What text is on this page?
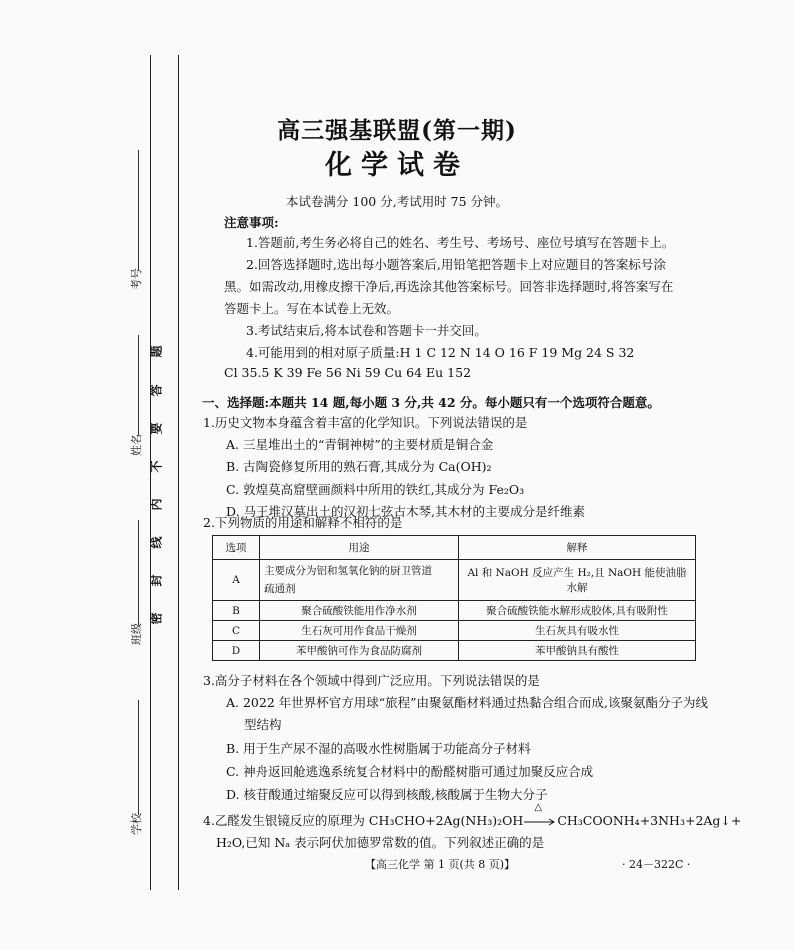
考号
姓名
班级
学校
题
答
要
不
内
线
封
密
高三强基联盟(第一期)
化学试卷
本试卷满分 100 分,考试用时 75 分钟。
注意事项:
1.答题前,考生务必将自己的姓名、考生号、考场号、座位号填写在答题卡上。
2.回答选择题时,选出每小题答案后,用铅笔把答题卡上对应题目的答案标号涂
黑。如需改动,用橡皮擦干净后,再选涂其他答案标号。回答非选择题时,将答案写在
答题卡上。写在本试卷上无效。
3.考试结束后,将本试卷和答题卡一并交回。
4.可能用到的相对原子质量:H 1 C 12 N 14 O 16 F 19 Mg 24 S 32
Cl 35.5 K 39 Fe 56 Ni 59 Cu 64 Eu 152
一、选择题:本题共 14 题,每小题 3 分,共 42 分。每小题只有一个选项符合题意。
1.历史文物本身蕴含着丰富的化学知识。下列说法错误的是
A. 三星堆出土的“青铜神树”的主要材质是铜合金
B. 古陶瓷修复所用的熟石膏,其成分为 Ca(OH)₂
C. 敦煌莫高窟壁画颜料中所用的铁红,其成分为 Fe₂O₃
D. 马王堆汉墓出土的汉初七弦古木琴,其木材的主要成分是纤维素
2.下列物质的用途和解释不相符的是
选项	用途	解释
A	主要成分为铝和氢氧化钠的厨卫管道
疏通剂	Al 和 NaOH 反应产生 H₂,且 NaOH 能使油脂水解
B	聚合硫酸铁能用作净水剂	聚合硫酸铁能水解形成胶体,具有吸附性
C	生石灰可用作食品干燥剂	生石灰具有吸水性
D	苯甲酸钠可作为食品防腐剂	苯甲酸钠具有酸性
3.高分子材料在各个领域中得到广泛应用。下列说法错误的是
A. 2022 年世界杯官方用球“旅程”由聚氨酯材料通过热黏合组合而成,该聚氨酯分子为线
型结构
B. 用于生产尿不湿的高吸水性树脂属于功能高分子材料
C. 神舟返回舱逃逸系统复合材料中的酚醛树脂可通过加聚反应合成
D. 核苷酸通过缩聚反应可以得到核酸,核酸属于生物大分子
4.乙醛发生银镜反应的原理为 CH₃CHO+2Ag(NH₃)₂OH
△
CH₃COONH₄+3NH₃+2Ag↓+
H₂O,已知 Nₐ 表示阿伏加德罗常数的值。下列叙述正确的是
【高三化学 第 1 页(共 8 页)】	· 24－322C ·
